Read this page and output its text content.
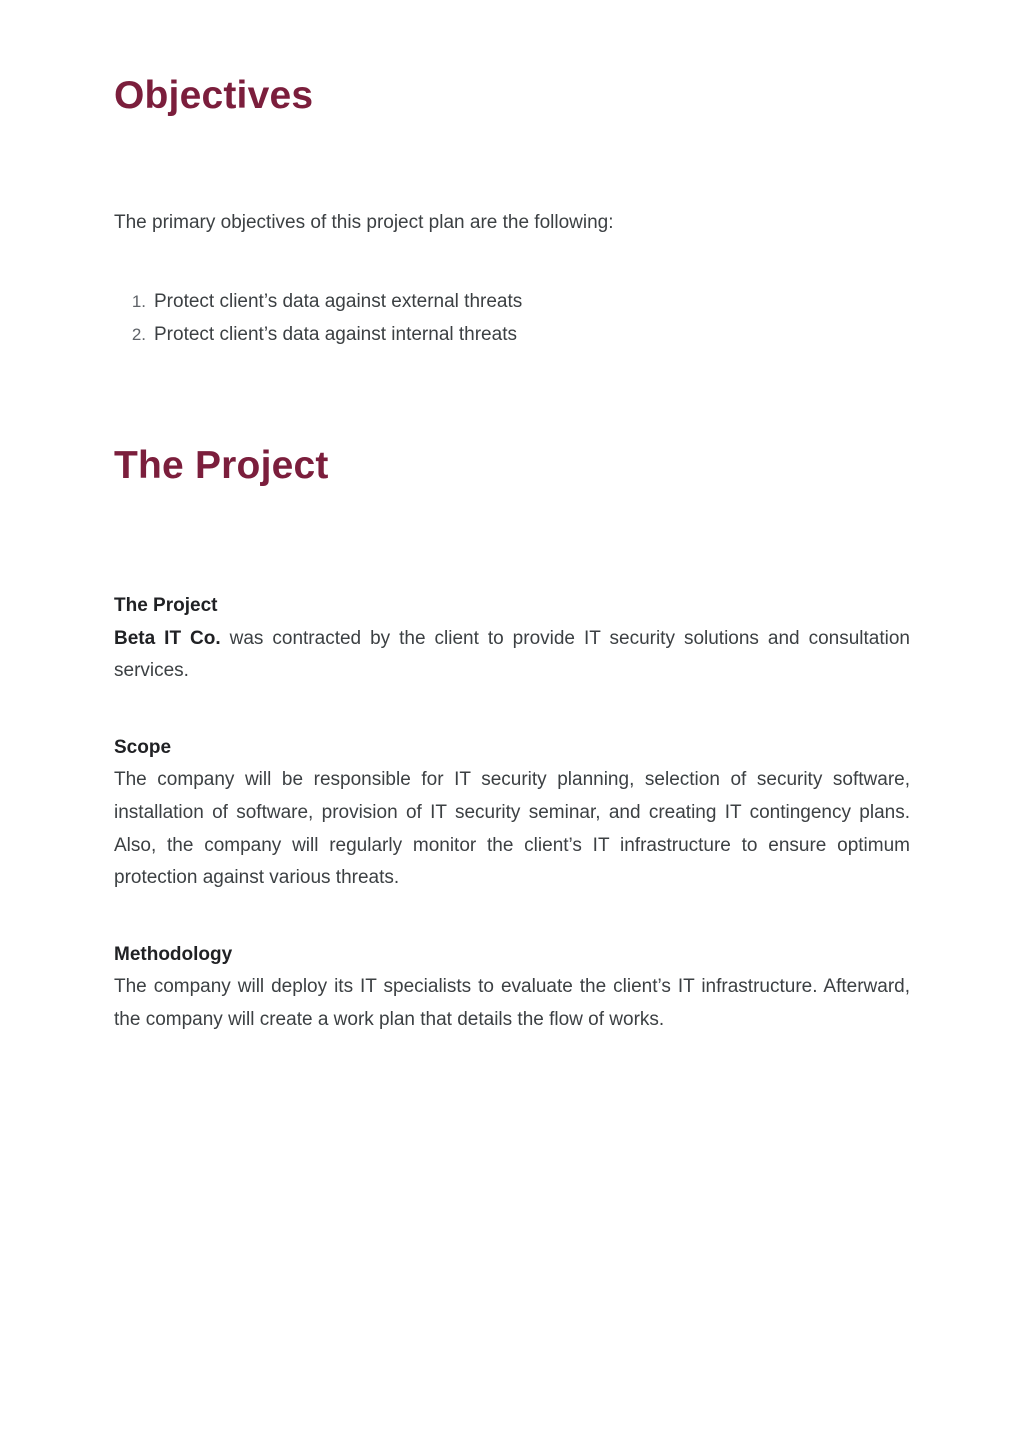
Objectives

The primary objectives of this project plan are the following:

1. Protect client’s data against external threats
2. Protect client’s data against internal threats
The Project
The Project

Beta IT Co. was contracted by the client to provide IT security solutions and consultation services.

Scope

The company will be responsible for IT security planning, selection of security software, installation of software, provision of IT security seminar, and creating IT contingency plans. Also, the company will regularly monitor the client’s IT infrastructure to ensure optimum protection against various threats.

Methodology

The company will deploy its IT specialists to evaluate the client’s IT infrastructure. Afterward, the company will create a work plan that details the flow of works.
